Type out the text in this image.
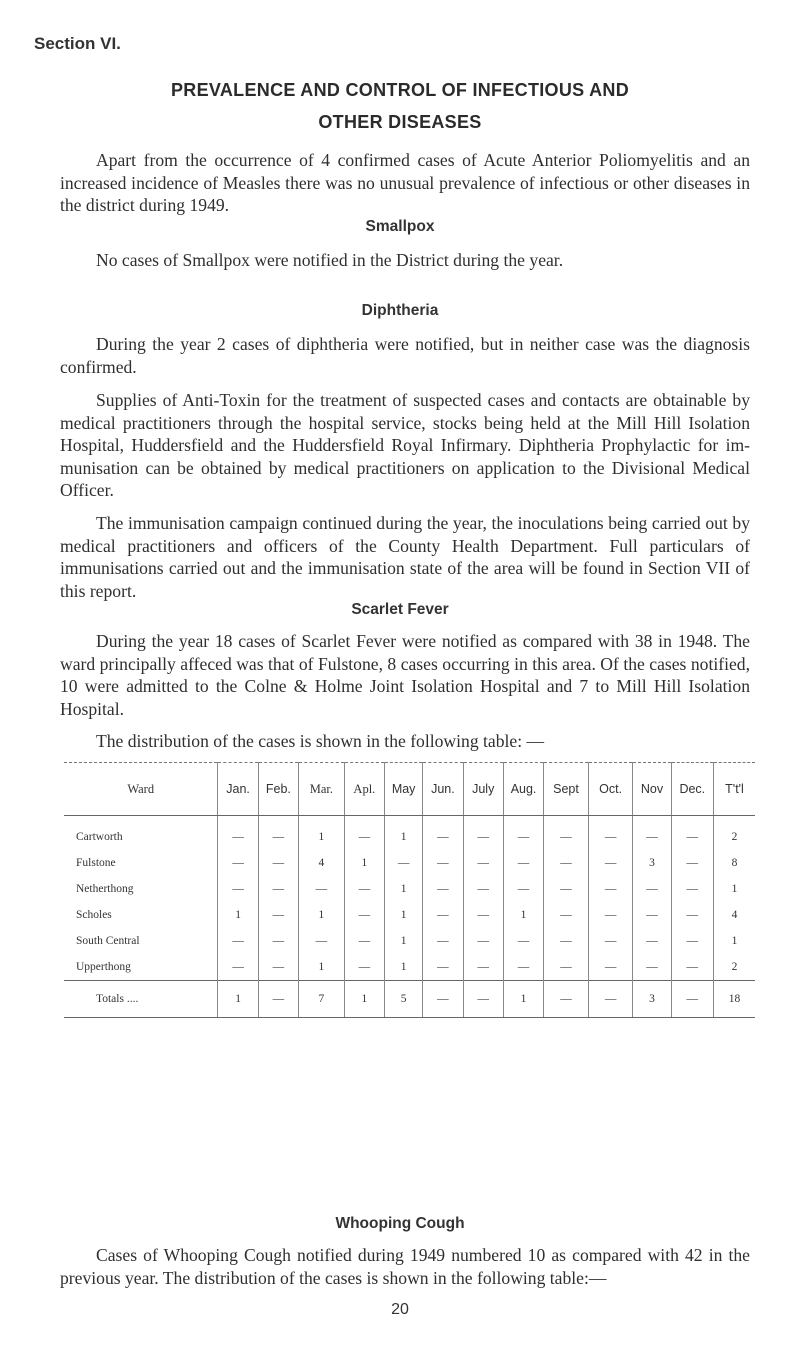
Section VI.
PREVALENCE AND CONTROL OF INFECTIOUS AND
OTHER DISEASES

Apart from the occurrence of 4 confirmed cases of Acute Anterior Poliomyelitis and an increased incidence of Measles there was no unusual prevalence of infectious or other diseases in the district during 1949.

Smallpox

No cases of Smallpox were notified in the District during the year.

Diphtheria

During the year 2 cases of diphtheria were notified, but in neither case was the diagnosis confirmed.

Supplies of Anti-Toxin for the treatment of suspected cases and contacts are obtainable by medical practitioners through the hospital service, stocks being held at the Mill Hill Isolation Hospital, Huddersfield and the Huddersfield Royal Infirmary. Diphtheria Prophylactic for immunisation can be obtained by medical practitioners on application to the Divisional Medical Officer.

The immunisation campaign continued during the year, the inoculations being carried out by medical practitioners and officers of the County Health Department. Full particulars of immunisations carried out and the immunisation state of the area will be found in Section VII of this report.

Scarlet Fever

During the year 18 cases of Scarlet Fever were notified as compared with 38 in 1948. The ward principally affeced was that of Fulstone, 8 cases occurring in this area. Of the cases notified, 10 were admitted to the Colne & Holme Joint Isolation Hospital and 7 to Mill Hill Isolation Hospital.

The distribution of the cases is shown in the following table: —

Ward	Jan.	Feb.	Mar.	Apl.	May	Jun.	July	Aug.	Sept	Oct.	Nov	Dec.	T't'l
Cartworth	—	—	1	—	1	—	—	—	—	—	—	—	2
Fulstone	—	—	4	1	—	—	—	—	—	—	3	—	8
Netherthong	—	—	—	—	1	—	—	—	—	—	—	—	1
Scholes	1	—	1	—	1	—	—	1	—	—	—	—	4
South Central	—	—	—	—	1	—	—	—	—	—	—	—	1
Upperthong	—	—	1	—	1	—	—	—	—	—	—	—	2
Totals ....	1	—	7	1	5	—	—	1	—	—	3	—	18
Whooping Cough

Cases of Whooping Cough notified during 1949 numbered 10 as compared with 42 in the previous year. The distribution of the cases is shown in the following table:—

20
